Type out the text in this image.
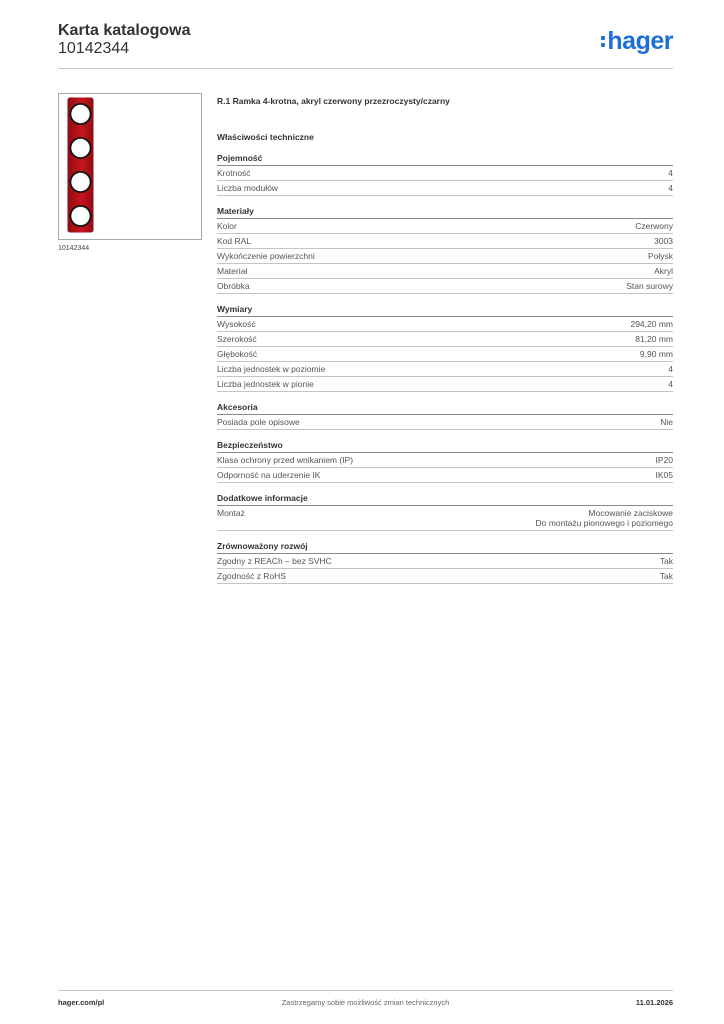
Karta katalogowa
10142344	hager
10142344
R.1 Ramka 4-krotna, akryl czerwony przezroczysty/czarny
Właściwości techniczne
Pojemność
Krotność	4
Liczba modułów	4
Materiały
Kolor	Czerwony
Kod RAL	3003
Wykończenie powierzchni	Połysk
Materiał	Akryl
Obróbka	Stan surowy
Wymiary
Wysokość	294,20 mm
Szerokość	81,20 mm
Głębokość	9,90 mm
Liczba jednostek w poziomie	4
Liczba jednostek w pionie	4
Akcesoria
Posiada pole opisowe	Nie
Bezpieczeństwo
Klasa ochrony przed wnikaniem (IP)	IP20
Odporność na uderzenie IK	IK05
Dodatkowe informacje
Montaż	Mocowanie zaciskowe
Do montażu pionowego i poziomego
Zrównoważony rozwój
Zgodny z REACh – bez SVHC	Tak
Zgodność z RoHS	Tak
hager.com/pl	Zastrzegamy sobie możliwość zmian technicznych	11.01.2026
